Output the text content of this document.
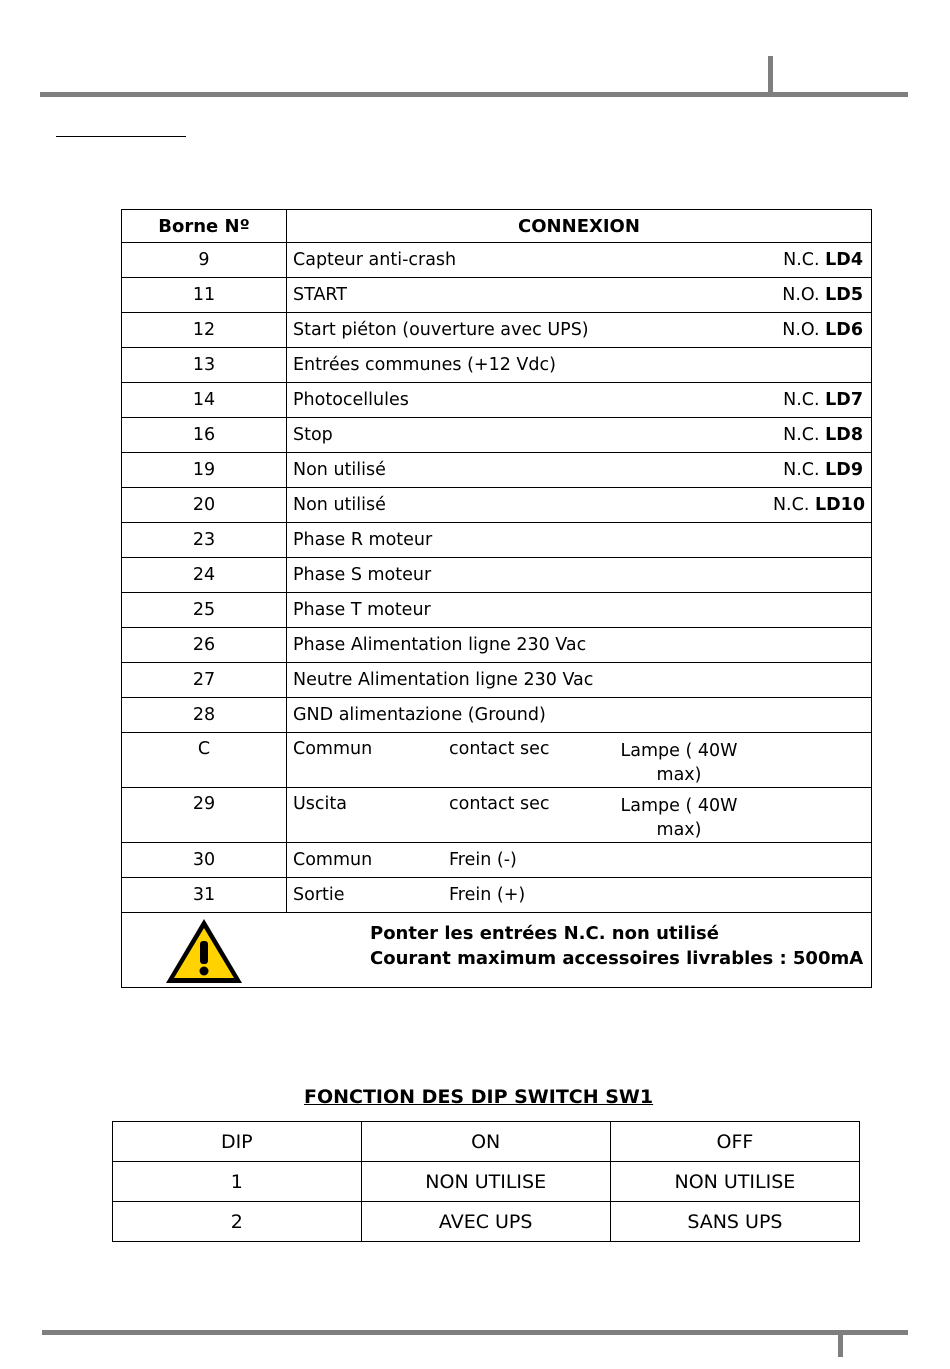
Borne Nº	CONNEXION
9	Capteur anti-crash N.C. LD4

11	START N.O. LD5

12	Start piéton (ouverture avec UPS) N.O. LD6

13	Entrées communes (+12 Vdc)

14	Photocellules N.C. LD7

16	Stop N.C. LD8

19	Non utilisé N.C. LD9

20	Non utilisé N.C. LD10

23	Phase R moteur
24	Phase S moteur
25	Phase T moteur
26	Phase Alimentation ligne 230 Vac
27	Neutre Alimentation ligne 230 Vac
28	GND alimentazione (Ground)

C	Commun contact sec Lampe ( 40W
max)

29	Uscita contact sec Lampe ( 40W
max)

30	Commun Frein (-)

31	Sortie Frein (+)

Ponter les entrées N.C. non utilisé
Courant maximum accessoires livrables : 500mA	
FONCTION DES DIP SWITCH SW1
DIP	ON	OFF
1	NON UTILISE	NON UTILISE
2	AVEC UPS	SANS UPS
